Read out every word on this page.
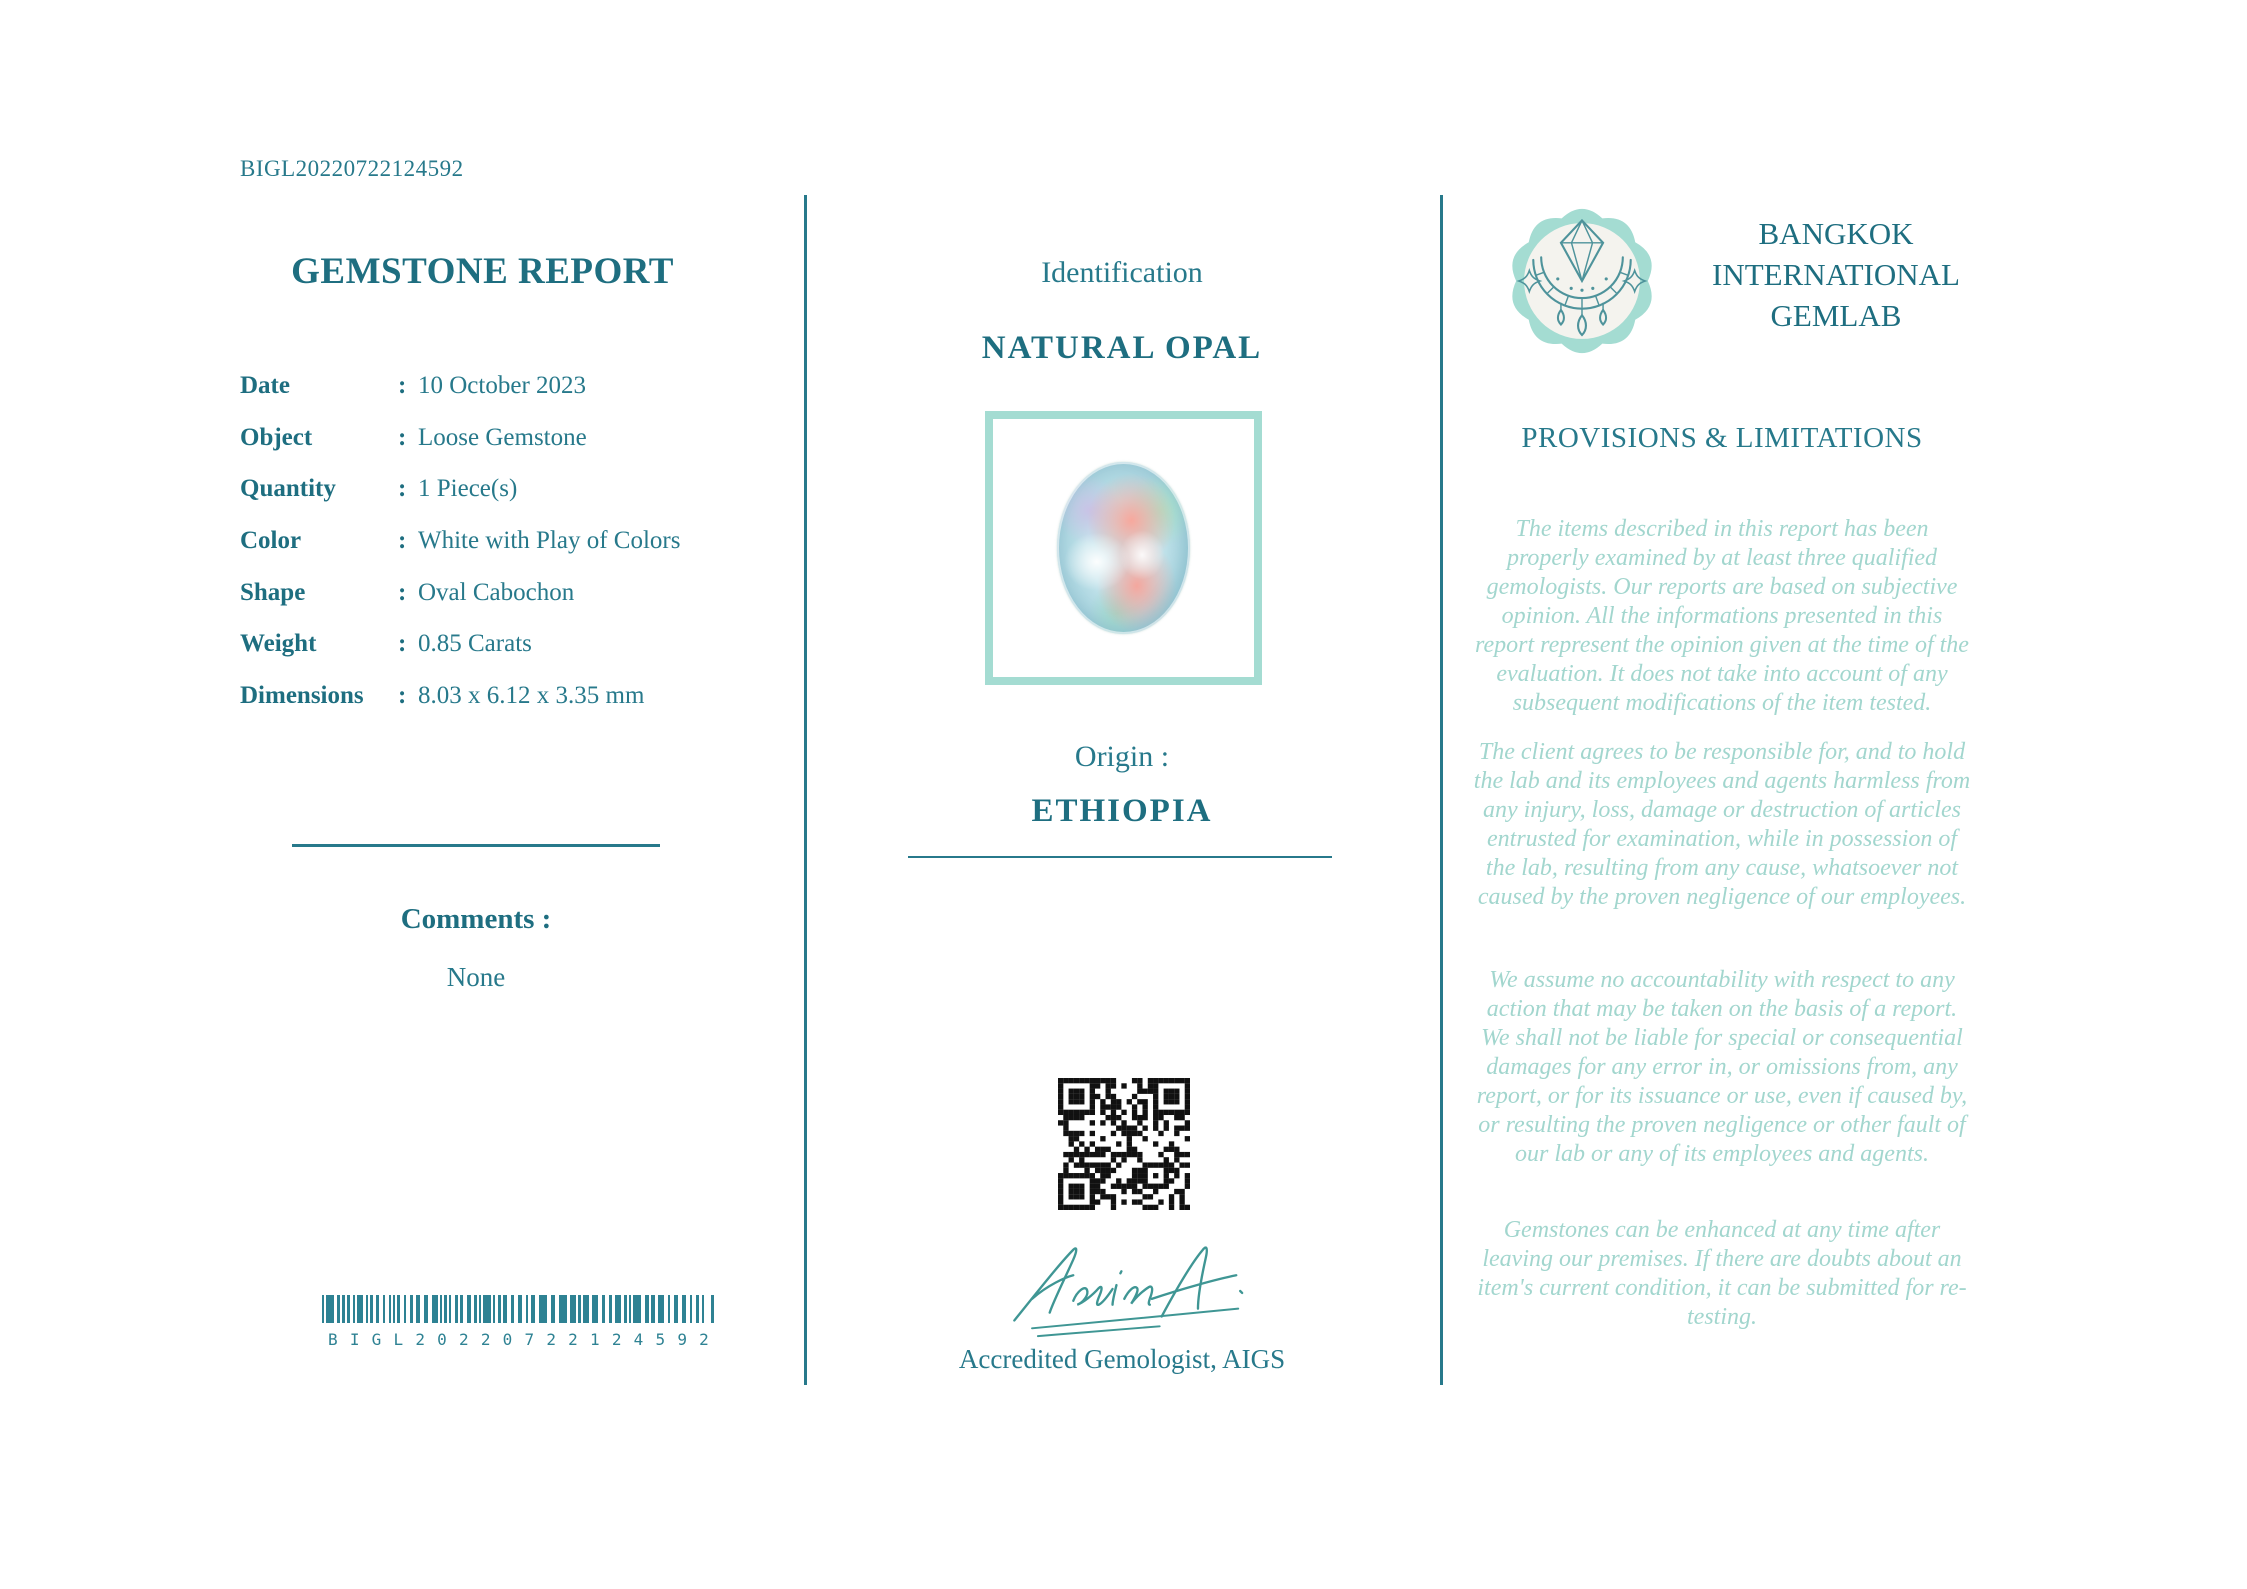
BIGL20220722124592
GEMSTONE REPORT
Date	: 10 October 2023
Object	: Loose Gemstone
Quantity : 1 Piece(s)
Color	: White with Play of Colors
Shape	: Oval Cabochon
Weight	: 0.85 Carats
Dimensions : 8.03 x 6.12 x 3.35 mm
Comments :
None
BIGL20220722124592
Identification
NATURAL OPAL
Origin :
ETHIOPIA
Accredited Gemologist, AIGS
BANGKOK INTERNATIONAL GEMLAB
PROVISIONS & LIMITATIONS
The items described in this report has been properly examined by at least three qualified gemologists. Our reports are based on subjective opinion. All the informations presented in this report represent the opinion given at the time of the evaluation. It does not take into account of any subsequent modifications of the item tested.
The client agrees to be responsible for, and to hold the lab and its employees and agents harmless from any injury, loss, damage or destruction of articles entrusted for examination, while in possession of the lab, resulting from any cause, whatsoever not caused by the proven negligence of our employees.
We assume no accountability with respect to any action that may be taken on the basis of a report. We shall not be liable for special or consequential damages for any error in, or omissions from, any report, or for its issuance or use, even if caused by, or resulting the proven negligence or other fault of our lab or any of its employees and agents.
Gemstones can be enhanced at any time after leaving our premises. If there are doubts about an item's current condition, it can be submitted for re-testing.
